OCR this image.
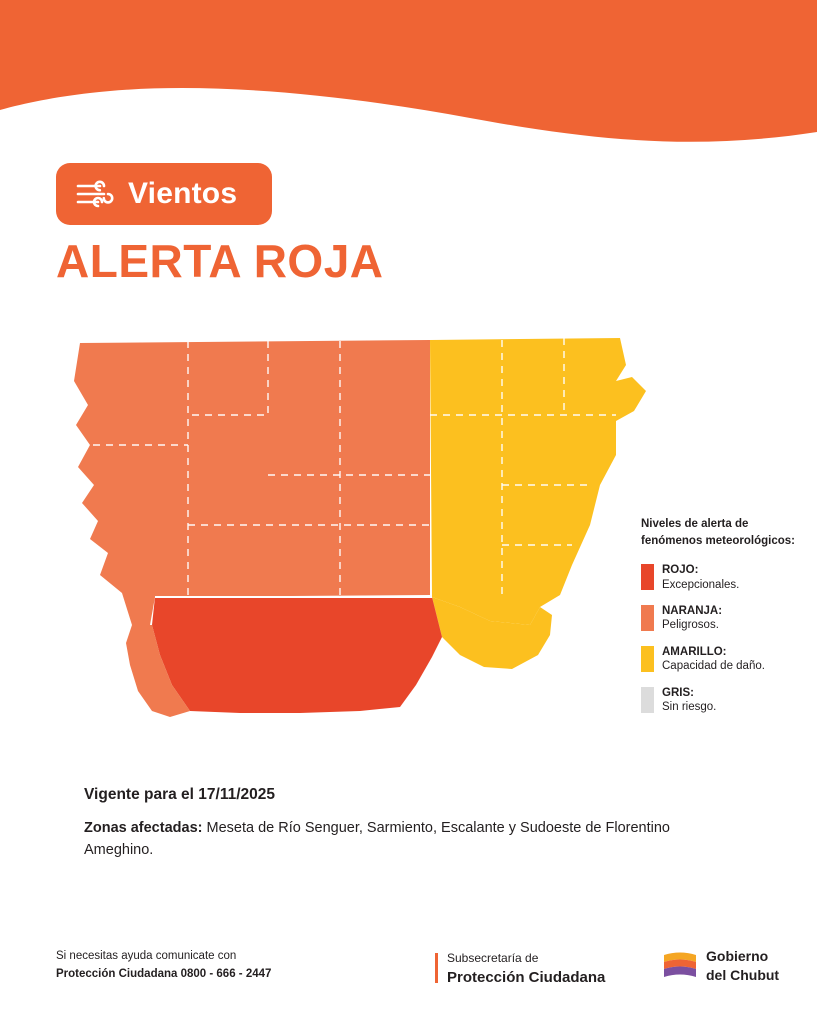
Vientos
ALERTA ROJA
Niveles de alerta de fenómenos meteorológicos:
ROJO:
Excepcionales.
NARANJA:
Peligrosos.
AMARILLO:
Capacidad de daño.
GRIS:
Sin riesgo.
Vigente para el 17/11/2025
Zonas afectadas: Meseta de Río Senguer, Sarmiento, Escalante y Sudoeste de Florentino Ameghino.
Si necesitas ayuda comunicate con
Protección Ciudadana 0800 - 666 - 2447
Subsecretaría de
Protección Ciudadana
Gobierno
del Chubut
